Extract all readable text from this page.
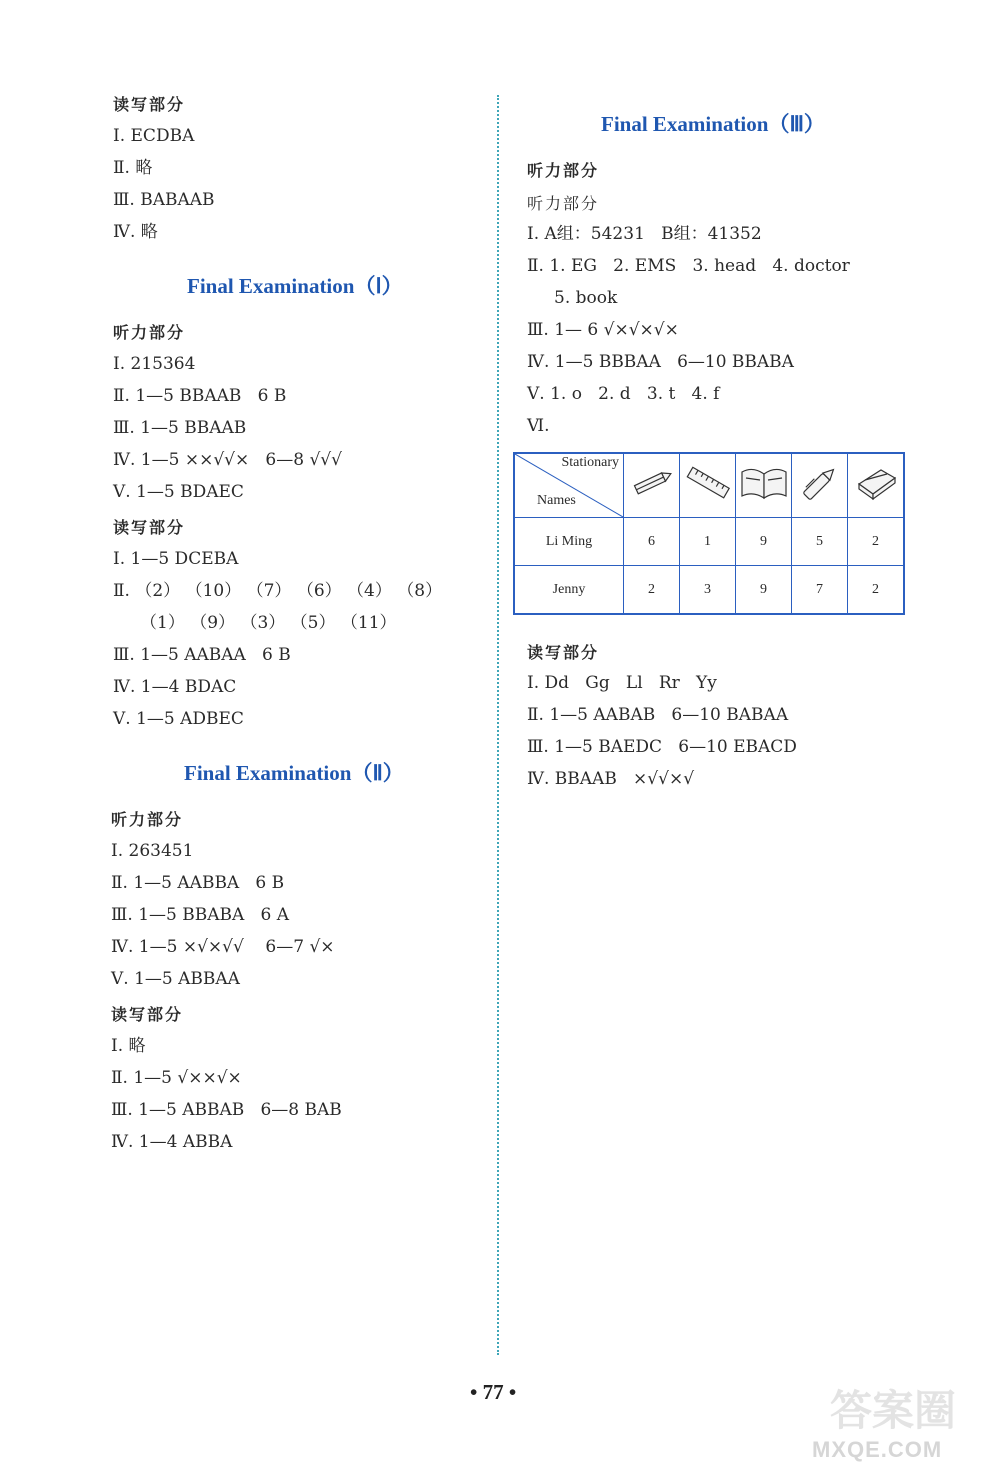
读写部分
Ⅰ. ECDBA
Ⅱ. 略
Ⅲ. BABAAB
Ⅳ. 略
Final Examination（Ⅰ）
听力部分
Ⅰ. 215364
Ⅱ. 1—5 BBAAB   6 B
Ⅲ. 1—5 BBAAB
Ⅳ. 1—5 ××√√×   6—8 √√√
Ⅴ. 1—5 BDAEC
读写部分
Ⅰ. 1—5 DCEBA
Ⅱ. （2） （10） （7） （6） （4） （8）
（1） （9） （3） （5） （11）
Ⅲ. 1—5 AABAA   6 B
Ⅳ. 1—4 BDAC
Ⅴ. 1—5 ADBEC
Final Examination（Ⅱ）
听力部分
Ⅰ. 263451
Ⅱ. 1—5 AABBA   6 B
Ⅲ. 1—5 BBABA   6 A
Ⅳ. 1—5 ×√×√√    6—7 √×
Ⅴ. 1—5 ABBAA
读写部分
Ⅰ. 略
Ⅱ. 1—5 √××√×
Ⅲ. 1—5 ABBAB   6—8 BAB
Ⅳ. 1—4 ABBA
Final Examination（Ⅲ）
听力部分
听力部分
Ⅰ. A组：54231   B组：41352
Ⅱ. 1. EG   2. EMS   3. head   4. doctor
5. book
Ⅲ. 1— 6 √×√×√×
Ⅳ. 1—5 BBBAA   6—10 BBABA
Ⅴ. 1. o   2. d   3. t   4. f
Ⅵ.
Stationary
Names

Li Ming	6	1	9	5	2
Jenny	2	3	9	7	2
读写部分
Ⅰ. Dd   Gg   Ll   Rr   Yy
Ⅱ. 1—5 AABAB   6—10 BABAA
Ⅲ. 1—5 BAEDC   6—10 EBACD
Ⅳ. BBAAB   ×√√×√
• 77 •	答案圈
MXQE.COM
